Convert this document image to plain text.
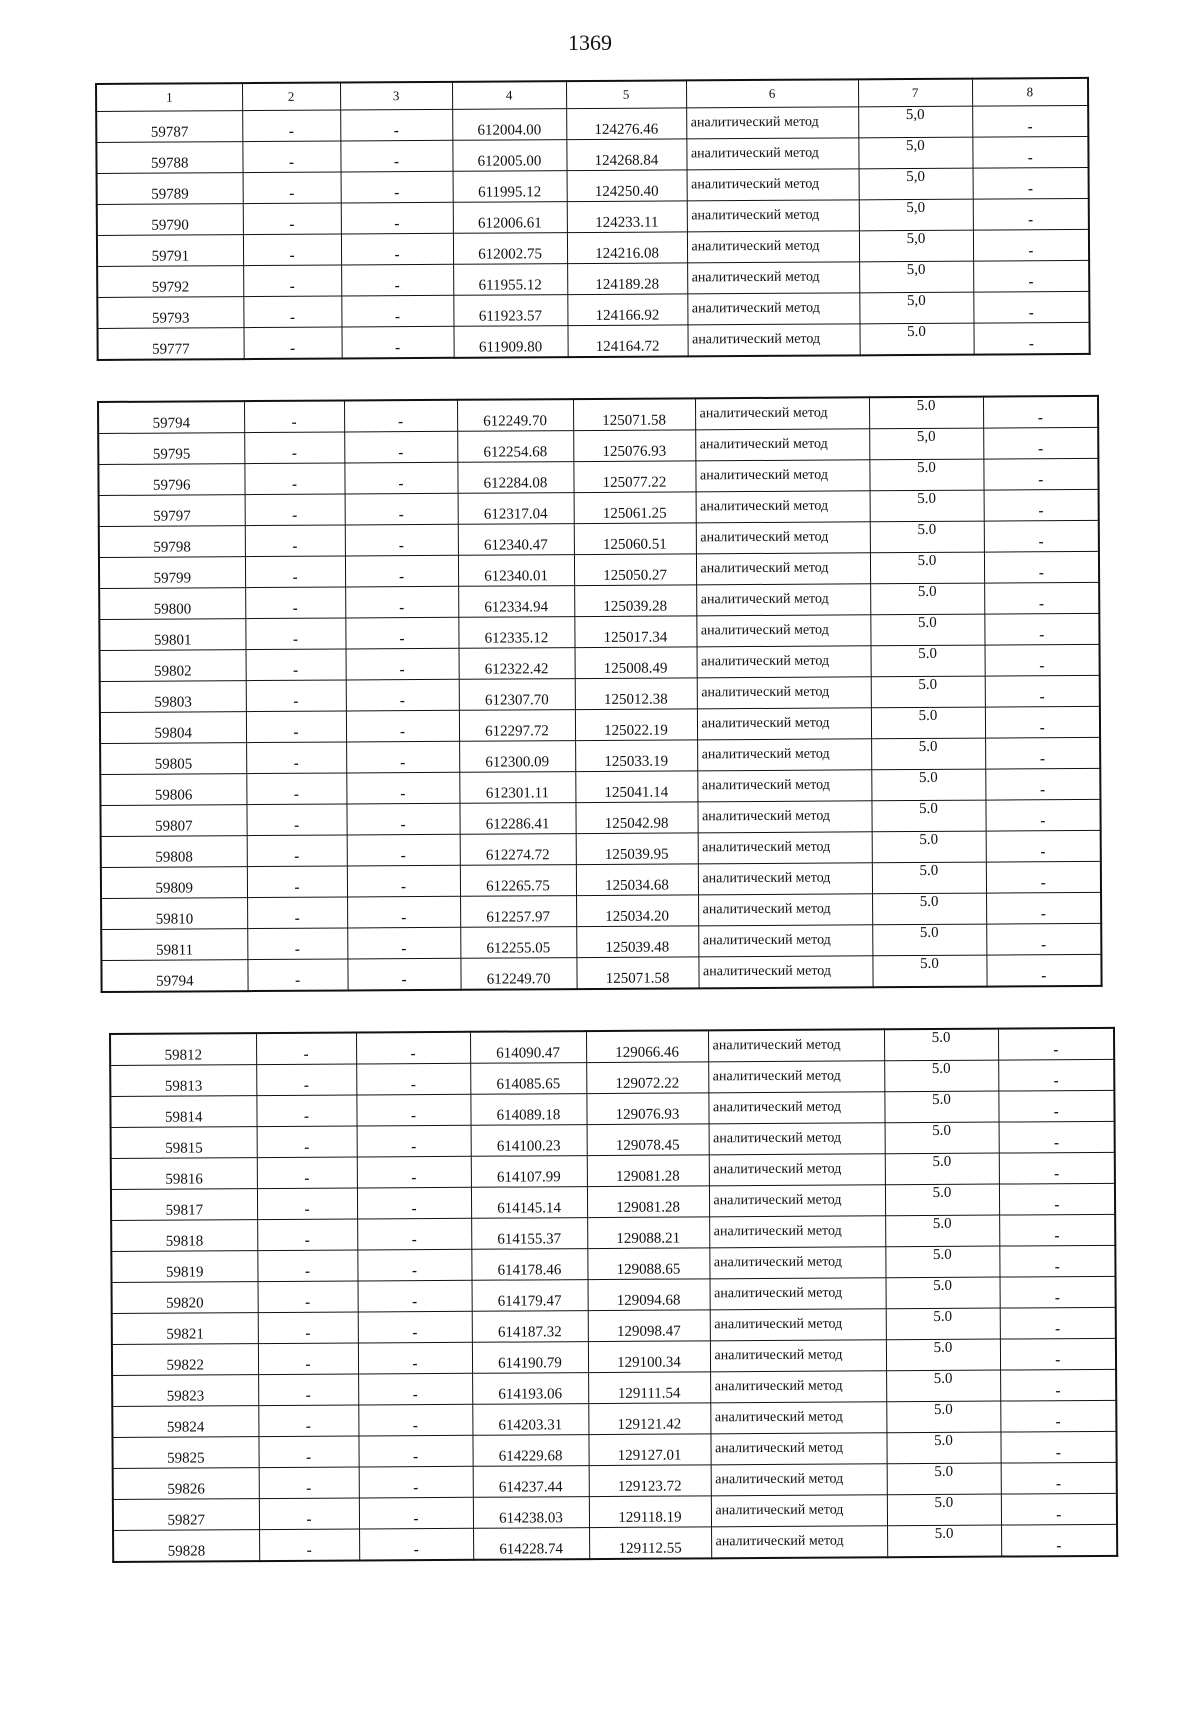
1369
1	2	3	4	5	6	7	8
59787	-	-	612004.00	124276.46	аналитический метод	5,0	-
59788	-	-	612005.00	124268.84	аналитический метод	5,0	-
59789	-	-	611995.12	124250.40	аналитический метод	5,0	-
59790	-	-	612006.61	124233.11	аналитический метод	5,0	-
59791	-	-	612002.75	124216.08	аналитический метод	5,0	-
59792	-	-	611955.12	124189.28	аналитический метод	5,0	-
59793	-	-	611923.57	124166.92	аналитический метод	5,0	-
59777	-	-	611909.80	124164.72	аналитический метод	5.0	-
59794	-	-	612249.70	125071.58	аналитический метод	5.0	-
59795	-	-	612254.68	125076.93	аналитический метод	5,0	-
59796	-	-	612284.08	125077.22	аналитический метод	5.0	-
59797	-	-	612317.04	125061.25	аналитический метод	5.0	-
59798	-	-	612340.47	125060.51	аналитический метод	5.0	-
59799	-	-	612340.01	125050.27	аналитический метод	5.0	-
59800	-	-	612334.94	125039.28	аналитический метод	5.0	-
59801	-	-	612335.12	125017.34	аналитический метод	5.0	-
59802	-	-	612322.42	125008.49	аналитический метод	5.0	-
59803	-	-	612307.70	125012.38	аналитический метод	5.0	-
59804	-	-	612297.72	125022.19	аналитический метод	5.0	-
59805	-	-	612300.09	125033.19	аналитический метод	5.0	-
59806	-	-	612301.11	125041.14	аналитический метод	5.0	-
59807	-	-	612286.41	125042.98	аналитический метод	5.0	-
59808	-	-	612274.72	125039.95	аналитический метод	5.0	-
59809	-	-	612265.75	125034.68	аналитический метод	5.0	-
59810	-	-	612257.97	125034.20	аналитический метод	5.0	-
59811	-	-	612255.05	125039.48	аналитический метод	5.0	-
59794	-	-	612249.70	125071.58	аналитический метод	5.0	-
59812	-	-	614090.47	129066.46	аналитический метод	5.0	-
59813	-	-	614085.65	129072.22	аналитический метод	5.0	-
59814	-	-	614089.18	129076.93	аналитический метод	5.0	-
59815	-	-	614100.23	129078.45	аналитический метод	5.0	-
59816	-	-	614107.99	129081.28	аналитический метод	5.0	-
59817	-	-	614145.14	129081.28	аналитический метод	5.0	-
59818	-	-	614155.37	129088.21	аналитический метод	5.0	-
59819	-	-	614178.46	129088.65	аналитический метод	5.0	-
59820	-	-	614179.47	129094.68	аналитический метод	5.0	-
59821	-	-	614187.32	129098.47	аналитический метод	5.0	-
59822	-	-	614190.79	129100.34	аналитический метод	5.0	-
59823	-	-	614193.06	129111.54	аналитический метод	5.0	-
59824	-	-	614203.31	129121.42	аналитический метод	5.0	-
59825	-	-	614229.68	129127.01	аналитический метод	5.0	-
59826	-	-	614237.44	129123.72	аналитический метод	5.0	-
59827	-	-	614238.03	129118.19	аналитический метод	5.0	-
59828	-	-	614228.74	129112.55	аналитический метод	5.0	-
